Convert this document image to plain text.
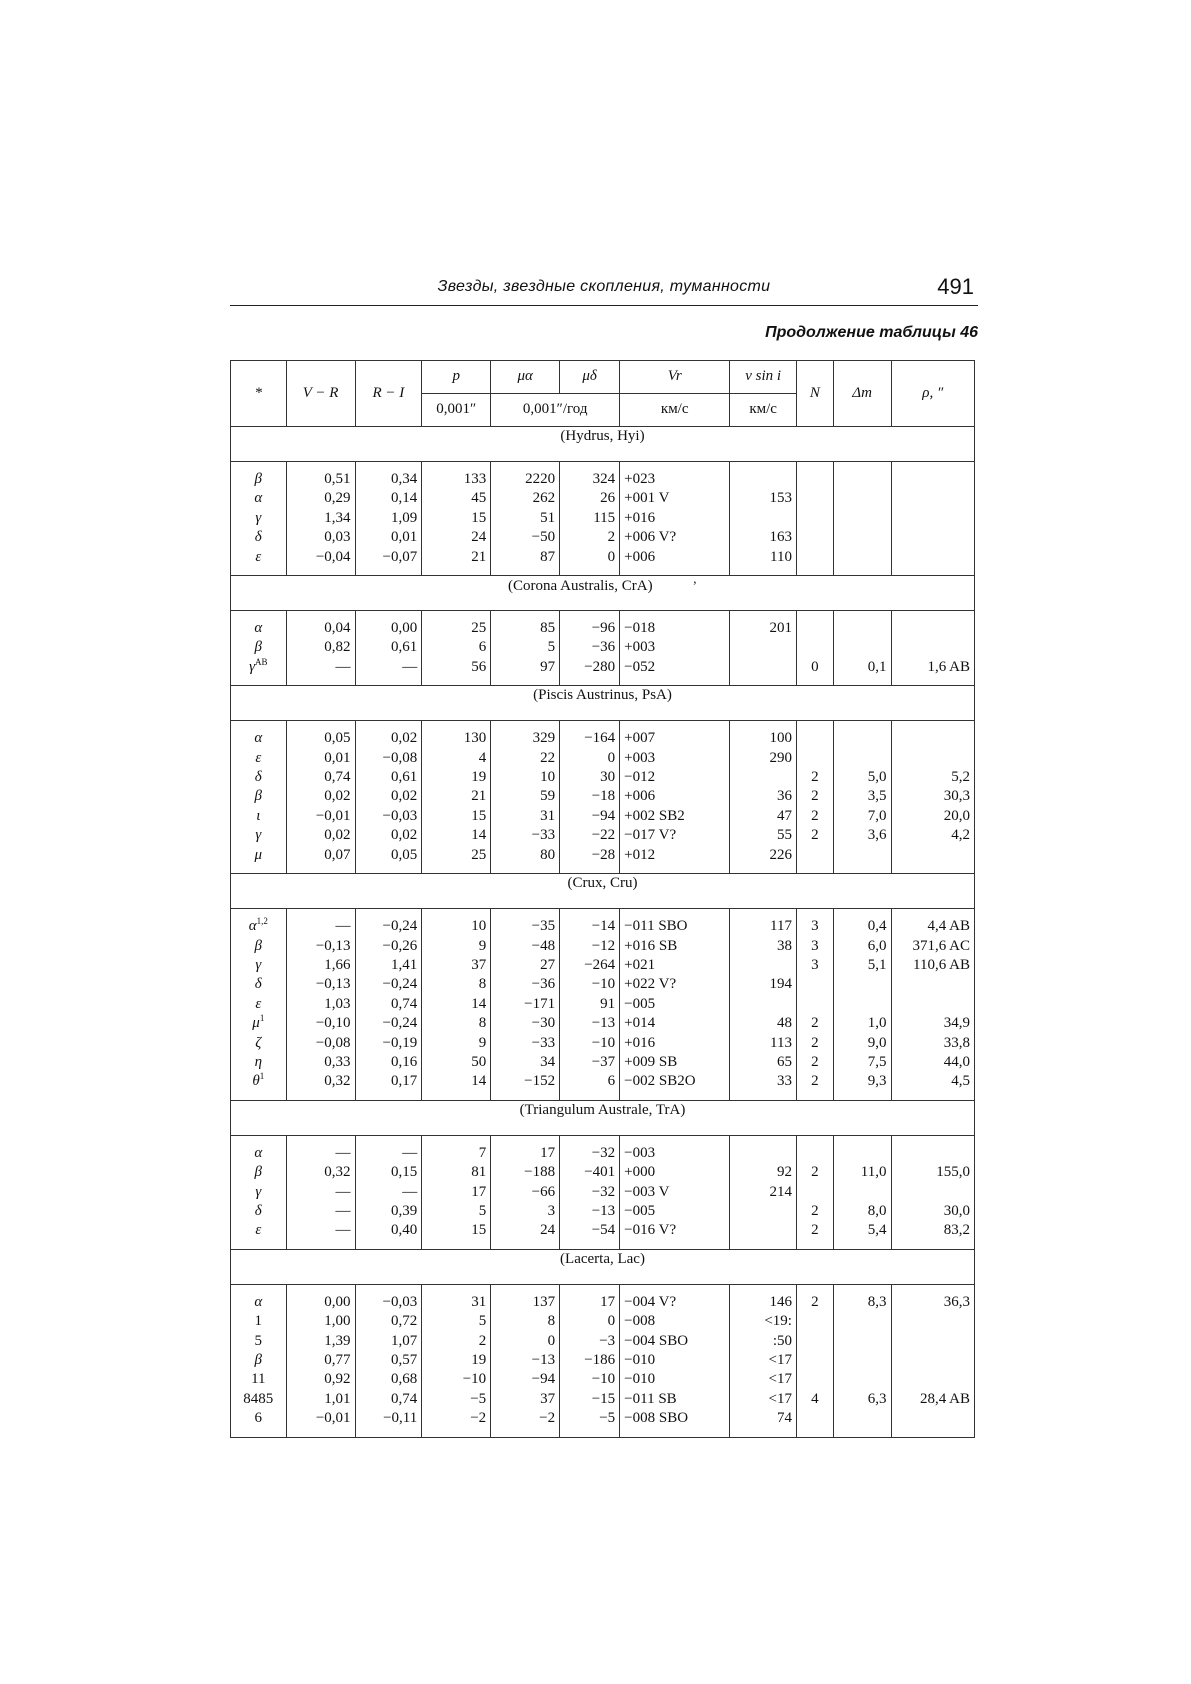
Звезды, звездные скопления, туманности	491
Продолжение таблицы 46
*	V − R	R − I	p	μα	μδ	Vr	v sin i	N	Δm	ρ, ″
			0,001″	0,001″/год		км/с	км/с			
(Hydrus, Hyi)										

β	0,51	0,34	133	2220	324	+023				
α	0,29	0,14	45	262	26	+001 V	153			
γ	1,34	1,09	15	51	115	+016				
δ	0,03	0,01	24	−50	2	+006 V?	163			
ε	−0,04	−0,07	21	87	0	+006	110			

(Corona Australis, CrA) ʼ										

α	0,04	0,00	25	85	−96	−018	201			
β	0,82	0,61	6	5	−36	+003				
$\gamma^{AB}$	—	—	56	97	−280	−052		0	0,1	1,6 AB

(Piscis Austrinus, PsA)										

α	0,05	0,02	130	329	−164	+007	100			
ε	0,01	−0,08	4	22	0	+003	290			
δ	0,74	0,61	19	10	30	−012		2	5,0	5,2
β	0,02	0,02	21	59	−18	+006	36	2	3,5	30,3
ι	−0,01	−0,03	15	31	−94	+002 SB2	47	2	7,0	20,0
γ	0,02	0,02	14	−33	−22	−017 V?	55	2	3,6	4,2
μ	0,07	0,05	25	80	−28	+012	226			

(Crux, Cru)										

$\alpha^{1,2}$	—	−0,24	10	−35	−14	−011 SBO	117	3	0,4	4,4 AB
β	−0,13	−0,26	9	−48	−12	+016 SB	38	3	6,0	371,6 AC
γ	1,66	1,41	37	27	−264	+021		3	5,1	110,6 AB
δ	−0,13	−0,24	8	−36	−10	+022 V?	194			
ε	1,03	0,74	14	−171	91	−005				
$\mu^1$	−0,10	−0,24	8	−30	−13	+014	48	2	1,0	34,9
ζ	−0,08	−0,19	9	−33	−10	+016	113	2	9,0	33,8
η	0,33	0,16	50	34	−37	+009 SB	65	2	7,5	44,0
$\theta^1$	0,32	0,17	14	−152	6	−002 SB2O	33	2	9,3	4,5

(Triangulum Australe, TrA)										

α	—	—	7	17	−32	−003				
β	0,32	0,15	81	−188	−401	+000	92	2	11,0	155,0
γ	—	—	17	−66	−32	−003 V	214			
δ	—	0,39	5	3	−13	−005		2	8,0	30,0
ε	—	0,40	15	24	−54	−016 V?		2	5,4	83,2

(Lacerta, Lac)										

α	0,00	−0,03	31	137	17	−004 V?	146	2	8,3	36,3
1	1,00	0,72	5	8	0	−008	<19:			
5	1,39	1,07	2	0	−3	−004 SBO	:50			
β	0,77	0,57	19	−13	−186	−010	<17			
11	0,92	0,68	−10	−94	−10	−010	<17			
8485	1,01	0,74	−5	37	−15	−011 SB	<17	4	6,3	28,4 AB
6	−0,01	−0,11	−2	−2	−5	−008 SBO	74			
